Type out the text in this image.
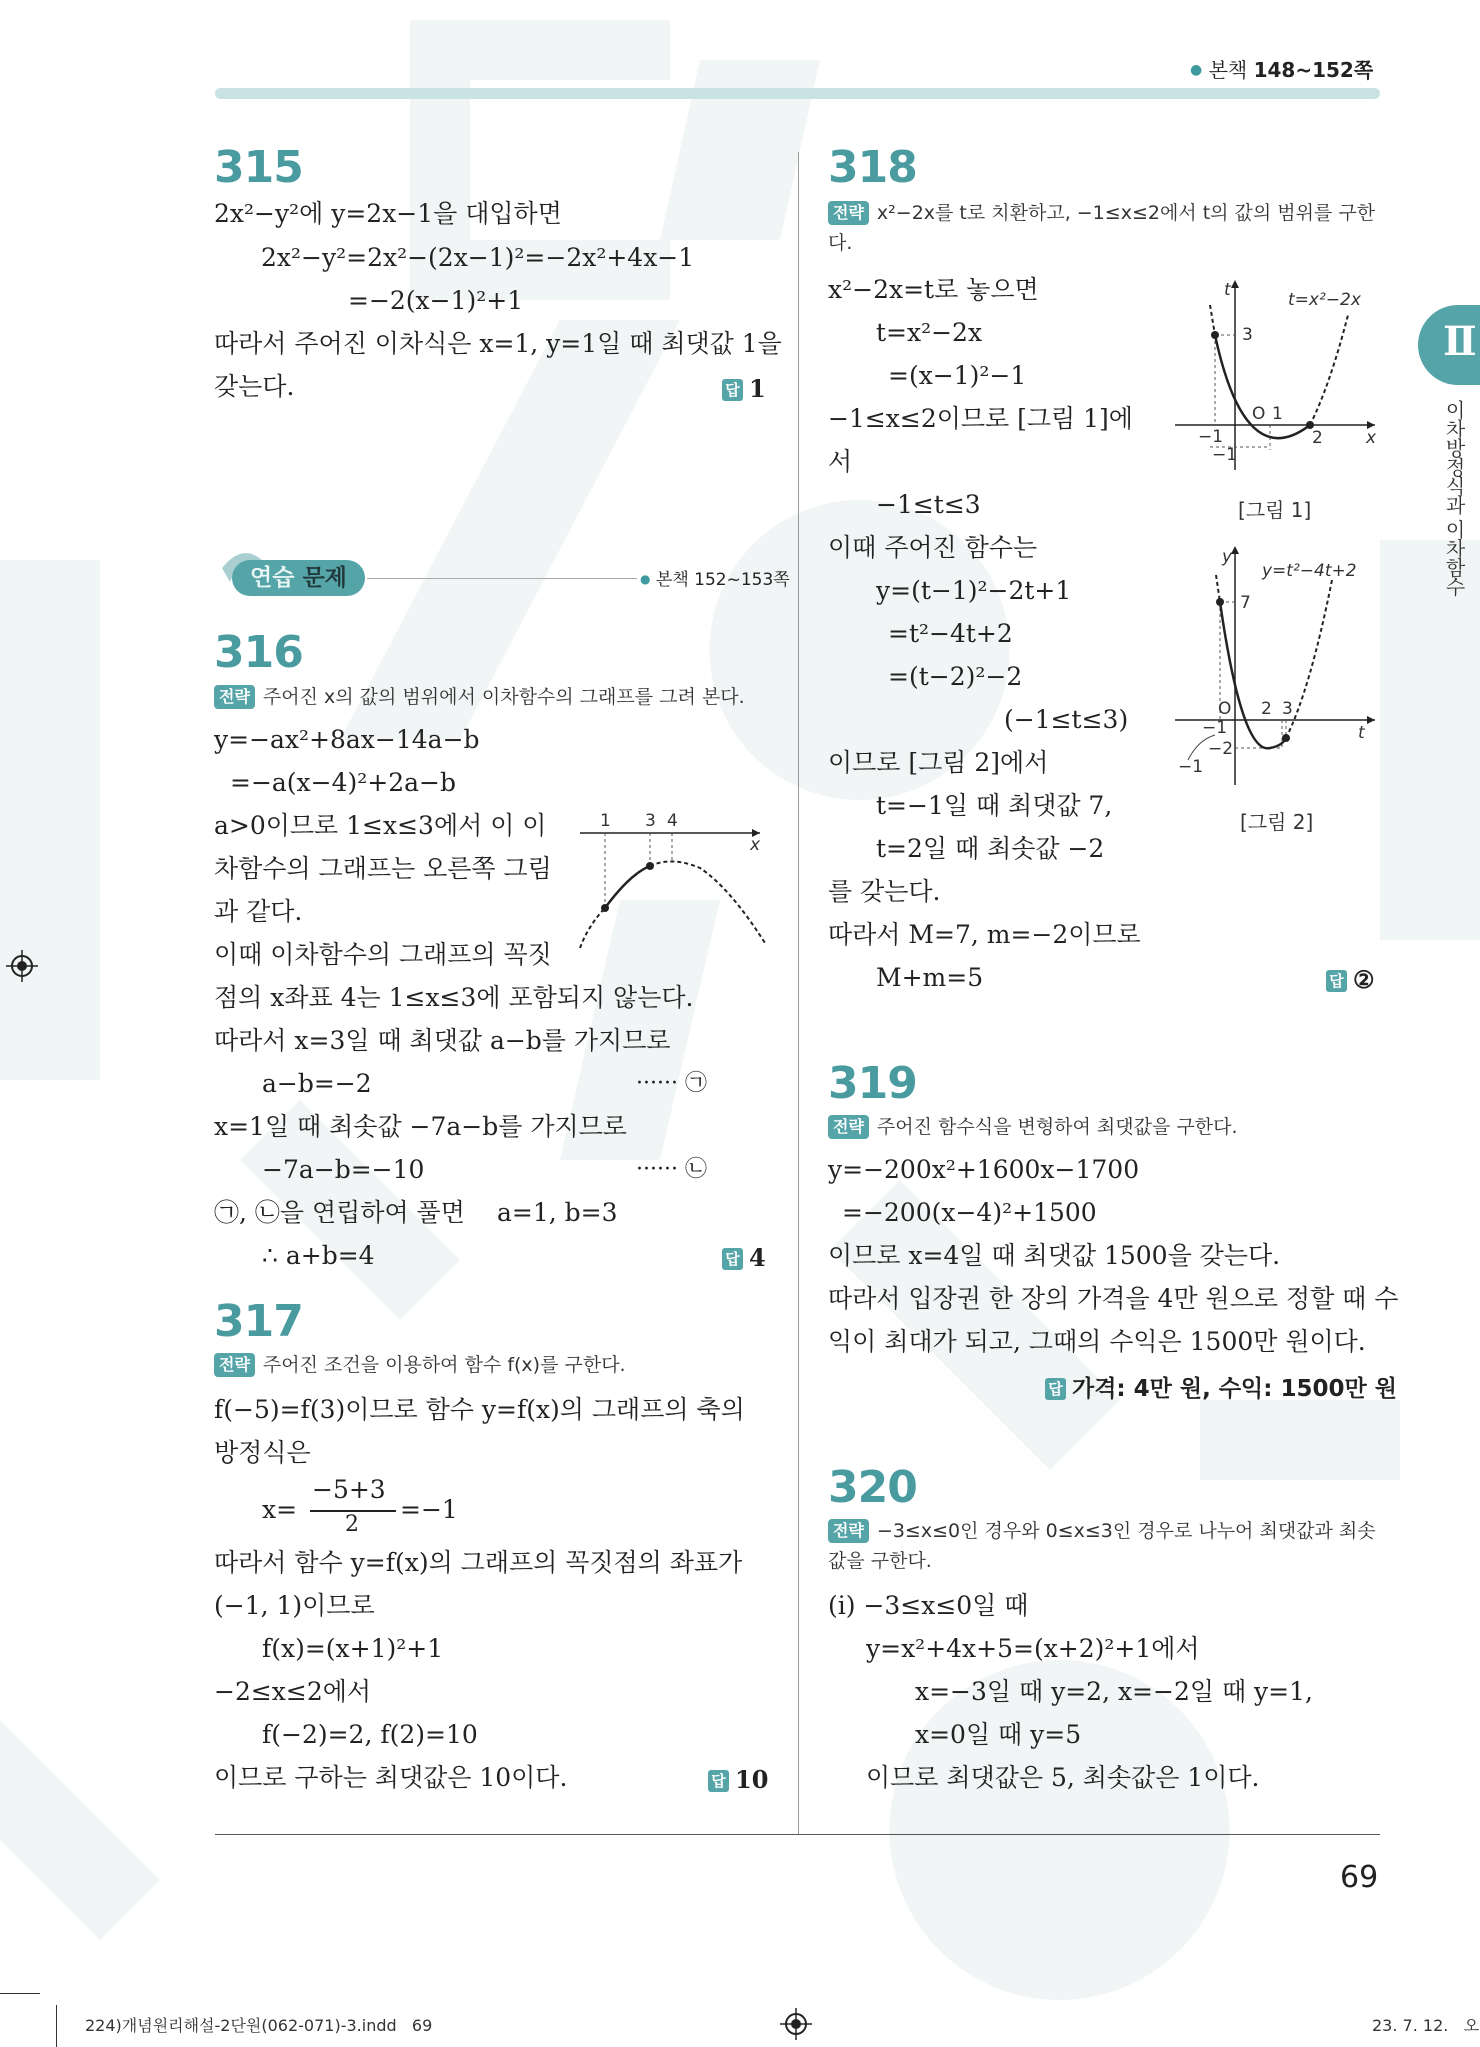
● 본책 148~152쪽
Ⅱ
이차방정식과 이차함수
315
2x²−y²에 y=2x−1을 대입하면
2x²−y²=2x²−(2x−1)²=−2x²+4x−1
=−2(x−1)²+1
따라서 주어진 이차식은 x=1, y=1일 때 최댓값 1을
갖는다.	답 1
연습 문제	● 본책 152~153쪽
316
전략 주어진 x의 값의 범위에서 이차함수의 그래프를 그려 본다.
y=−ax²+8ax−14a−b
=−a(x−4)²+2a−b
a>0이므로 1≤x≤3에서 이 이
차함수의 그래프는 오른쪽 그림
과 같다.
이때 이차함수의 그래프의 꼭짓
점의 x좌표 4는 1≤x≤3에 포함되지 않는다.
따라서 x=3일 때 최댓값 a−b를 가지므로
a−b=−2	······ ㉠
x=1일 때 최솟값 −7a−b를 가지므로
−7a−b=−10	······ ㉡
㉠, ㉡을 연립하여 풀면 a=1, b=3
∴ a+b=4	답 4
1 3 4
x
317
전략 주어진 조건을 이용하여 함수 f(x)를 구한다.
f(−5)=f(3)이므로 함수 y=f(x)의 그래프의 축의
방정식은
x=
−5+3
2
=−1
따라서 함수 y=f(x)의 그래프의 꼭짓점의 좌표가
(−1, 1)이므로
f(x)=(x+1)²+1
−2≤x≤2에서
f(−2)=2, f(2)=10
이므로 구하는 최댓값은 10이다.	답 10
318
전략 x²−2x를 t로 치환하고, −1≤x≤2에서 t의 값의 범위를 구한다.
x²−2x=t로 놓으면
t=x²−2x
=(x−1)²−1
−1≤x≤2이므로 [그림 1]에
서
−1≤t≤3
이때 주어진 함수는
y=(t−1)²−2t+1
=t²−4t+2
=(t−2)²−2
(−1≤t≤3)
이므로 [그림 2]에서
t=−1일 때 최댓값 7,
t=2일 때 최솟값 −2
를 갖는다.
따라서 M=7, m=−2이므로
M+m=5	답 ②
t	t=x²−2x
3
O 1
−1	2	x
−1
[그림 1]
y
y=t²−4t+2
7
O 2 3
−1	t
−2
−1
[그림 2]
319
전략 주어진 함수식을 변형하여 최댓값을 구한다.
y=−200x²+1600x−1700
=−200(x−4)²+1500
이므로 x=4일 때 최댓값 1500을 갖는다.
따라서 입장권 한 장의 가격을 4만 원으로 정할 때 수
익이 최대가 되고, 그때의 수익은 1500만 원이다.
답 가격: 4만 원, 수익: 1500만 원
320
전략 −3≤x≤0인 경우와 0≤x≤3인 경우로 나누어 최댓값과 최솟값을 구한다.
(ⅰ) −3≤x≤0일 때
y=x²+4x+5=(x+2)²+1에서
x=−3일 때 y=2, x=−2일 때 y=1,
x=0일 때 y=5
이므로 최댓값은 5, 최솟값은 1이다.
69
224)개념원리해설-2단원(062-071)-3.indd   69	23. 7. 12.   오
